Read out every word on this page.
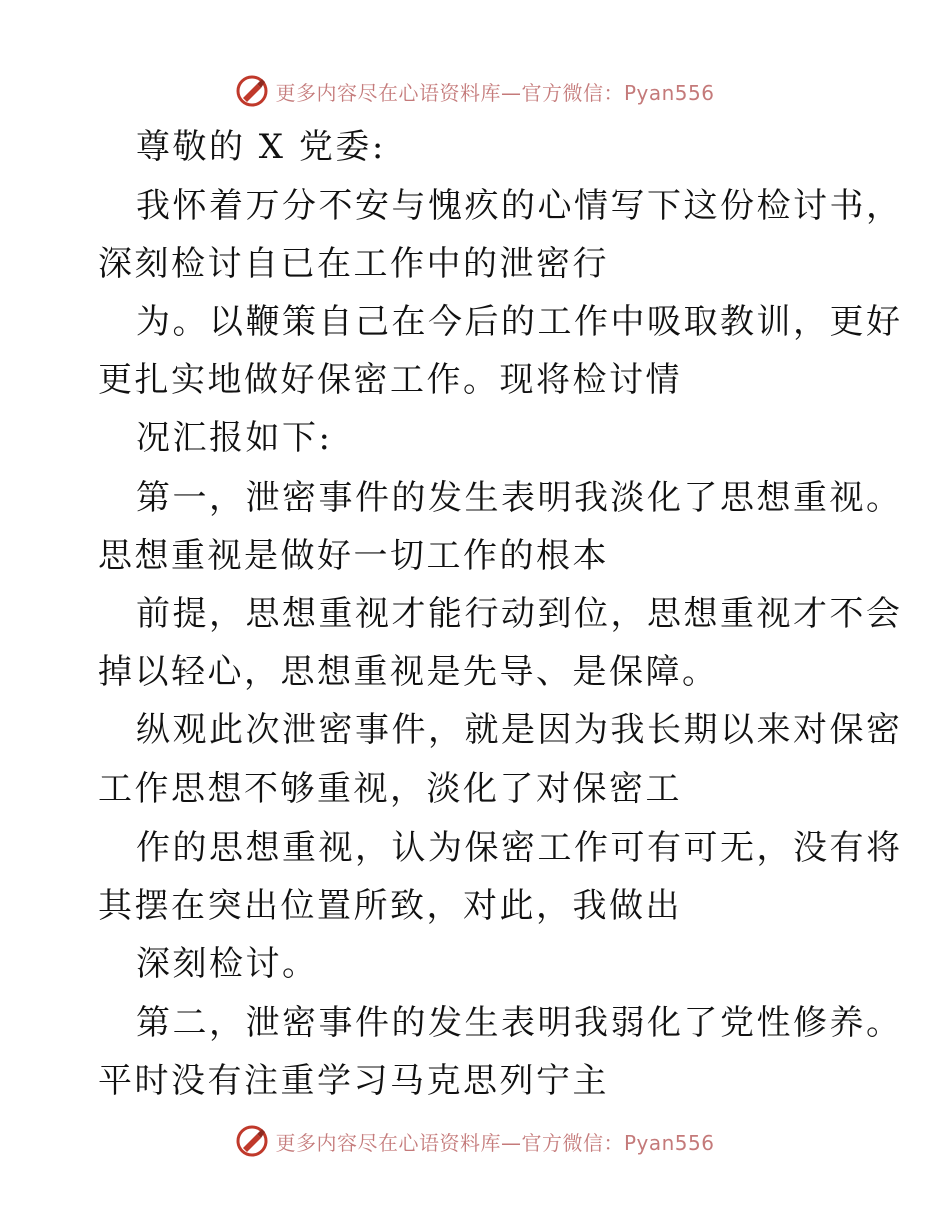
更多内容尽在心语资料库—官方微信：Pyan556
尊敬的 X 党委:
我怀着万分不安与愧疚的心情写下这份检讨书，
深刻检讨自已在工作中的泄密行
为。以鞭策自己在今后的工作中吸取教训，更好
更扎实地做好保密工作。现将检讨情
况汇报如下:
第一，泄密事件的发生表明我淡化了思想重视。
思想重视是做好一切工作的根本
前提，思想重视才能行动到位，思想重视才不会
掉以轻心，思想重视是先导、是保障。
纵观此次泄密事件，就是因为我长期以来对保密
工作思想不够重视，淡化了对保密工
作的思想重视，认为保密工作可有可无，没有将
其摆在突出位置所致，对此，我做出
深刻检讨。
第二，泄密事件的发生表明我弱化了党性修养。
平时没有注重学习马克思列宁主
更多内容尽在心语资料库—官方微信：Pyan556
